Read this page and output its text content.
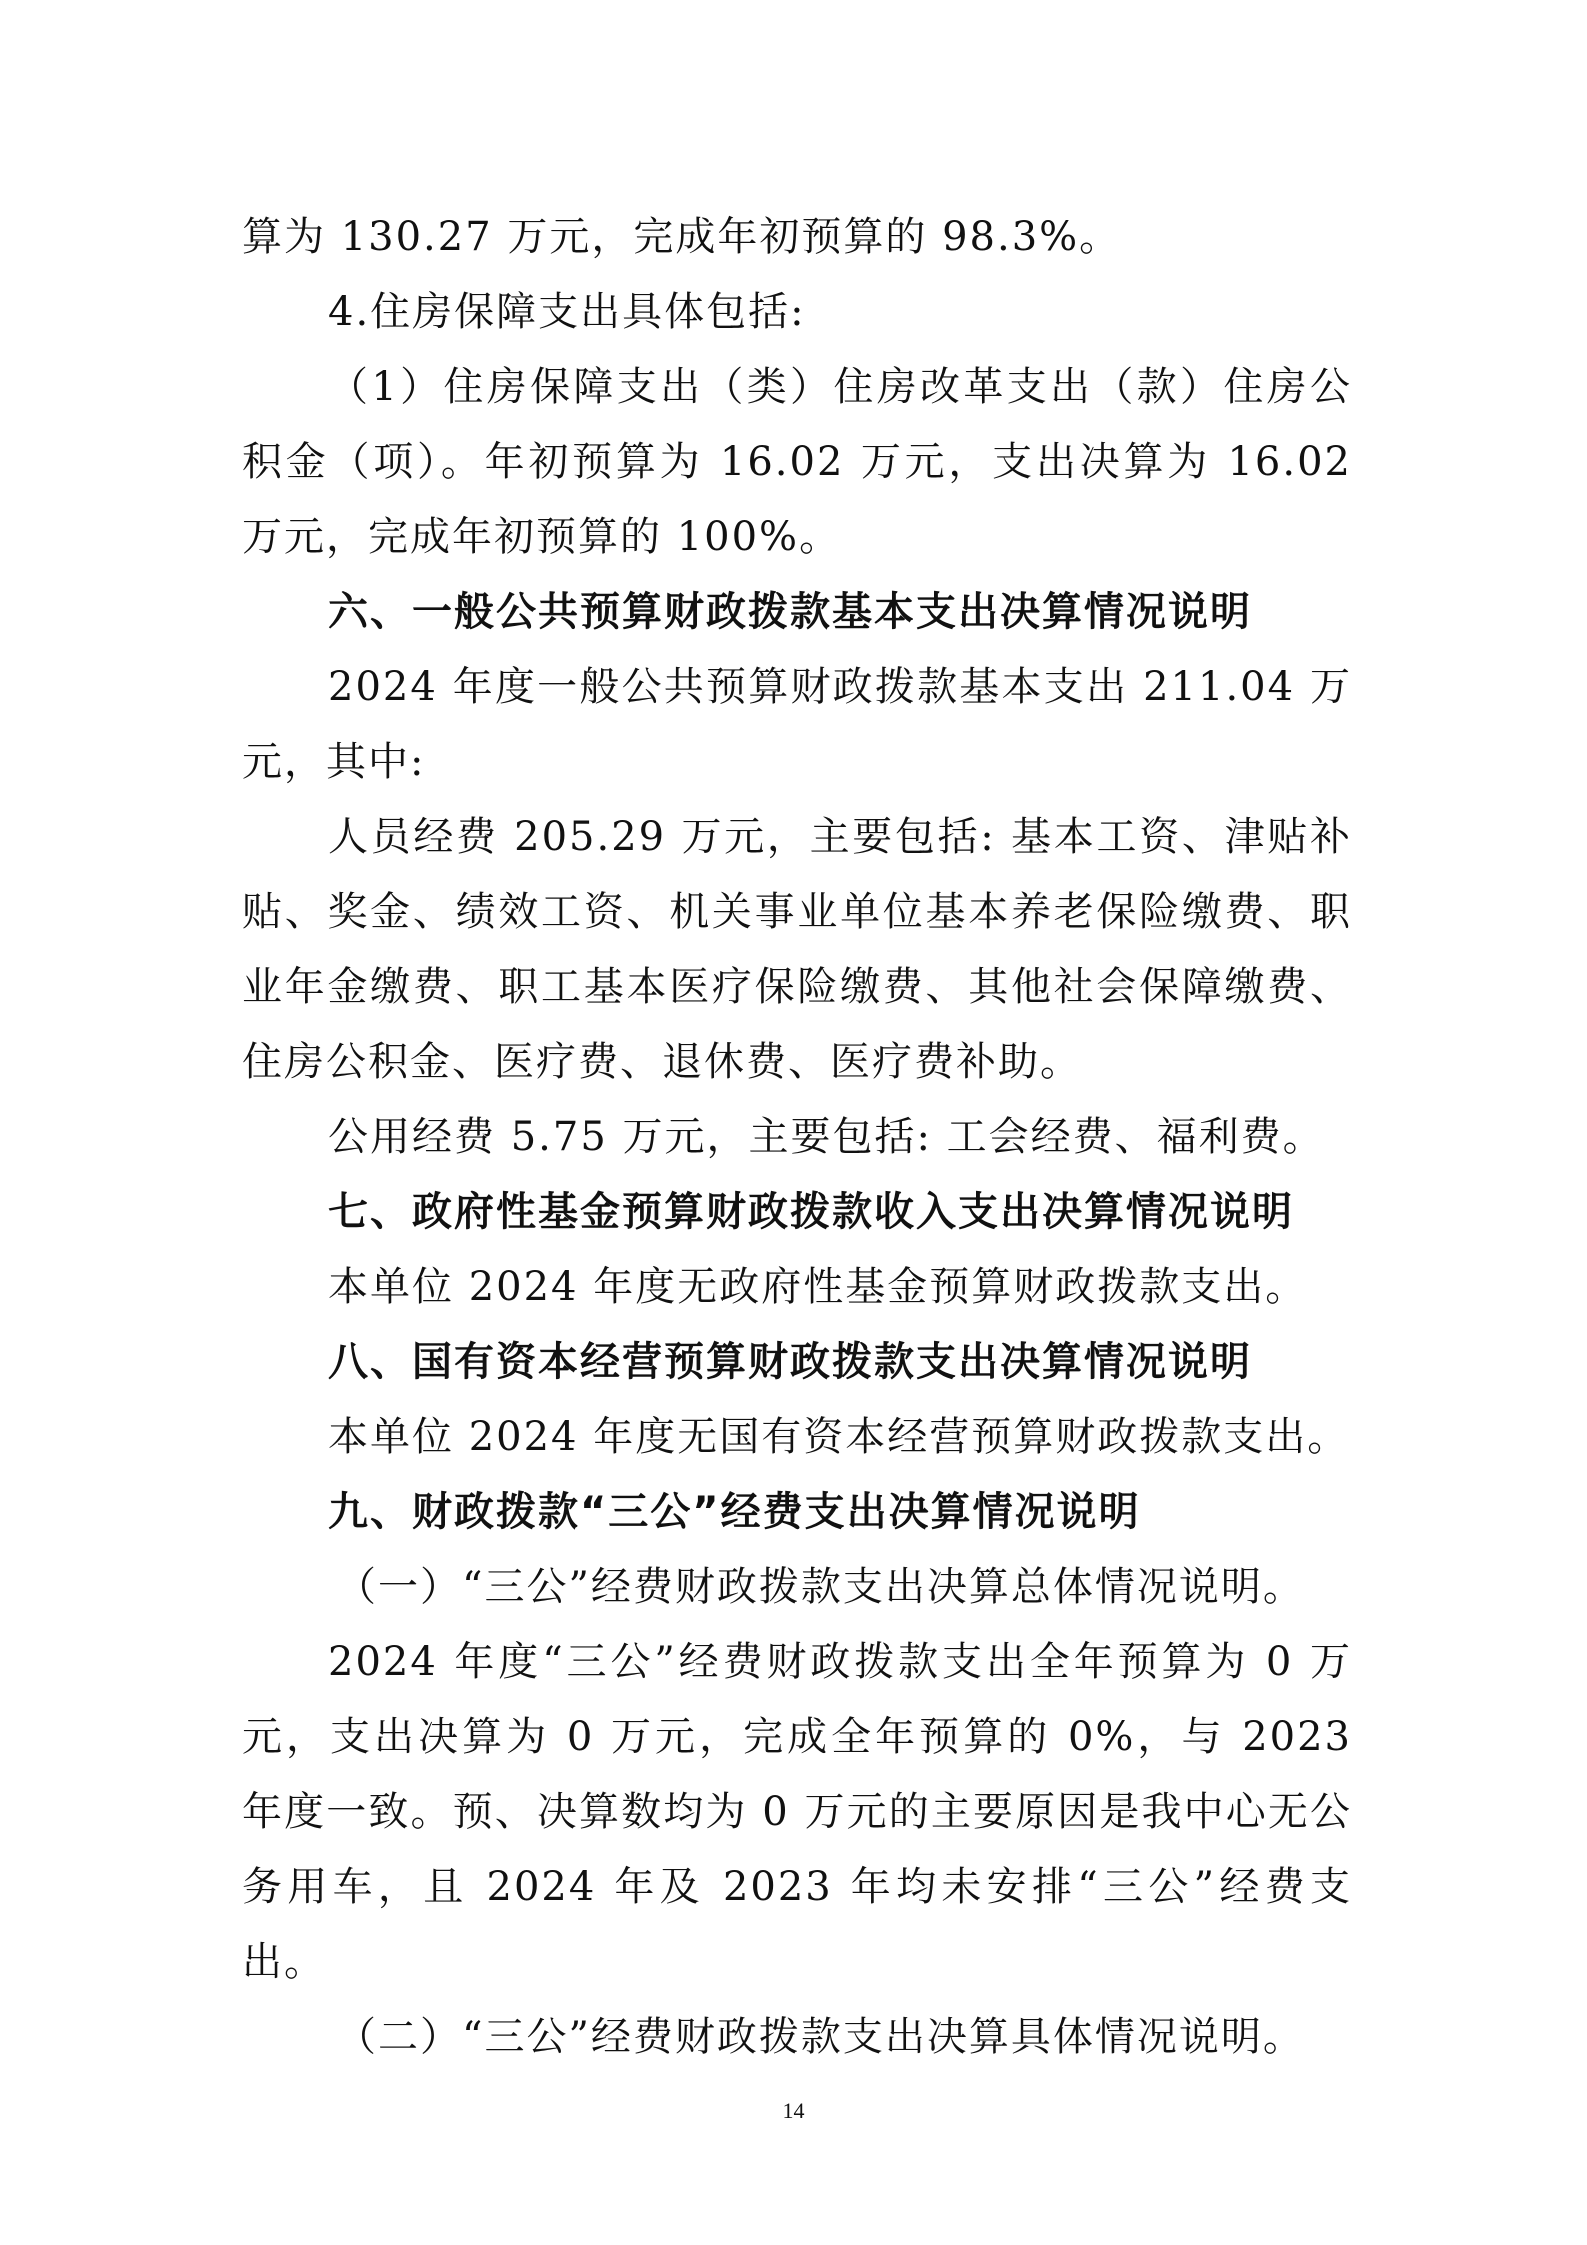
算为 130.27 万元，完成年初预算的 98.3%。

4.住房保障支出具体包括:

（1）住房保障支出（类）住房改革支出（款）住房公积金（项）。年初预算为 16.02 万元，支出决算为 16.02 万元，完成年初预算的 100%。

六、一般公共预算财政拨款基本支出决算情况说明

2024 年度一般公共预算财政拨款基本支出 211.04 万元，其中:

人员经费 205.29 万元，主要包括: 基本工资、津贴补贴、奖金、绩效工资、机关事业单位基本养老保险缴费、职业年金缴费、职工基本医疗保险缴费、其他社会保障缴费、住房公积金、医疗费、退休费、医疗费补助。

公用经费 5.75 万元，主要包括: 工会经费、福利费。

七、政府性基金预算财政拨款收入支出决算情况说明

本单位 2024 年度无政府性基金预算财政拨款支出。

八、国有资本经营预算财政拨款支出决算情况说明

本单位 2024 年度无国有资本经营预算财政拨款支出。

九、财政拨款“三公”经费支出决算情况说明

（一）“三公”经费财政拨款支出决算总体情况说明。

2024 年度“三公”经费财政拨款支出全年预算为 0 万元，支出决算为 0 万元，完成全年预算的 0%，与 2023 年度一致。预、决算数均为 0 万元的主要原因是我中心无公务用车，且 2024 年及 2023 年均未安排“三公”经费支出。

（二）“三公”经费财政拨款支出决算具体情况说明。

14
